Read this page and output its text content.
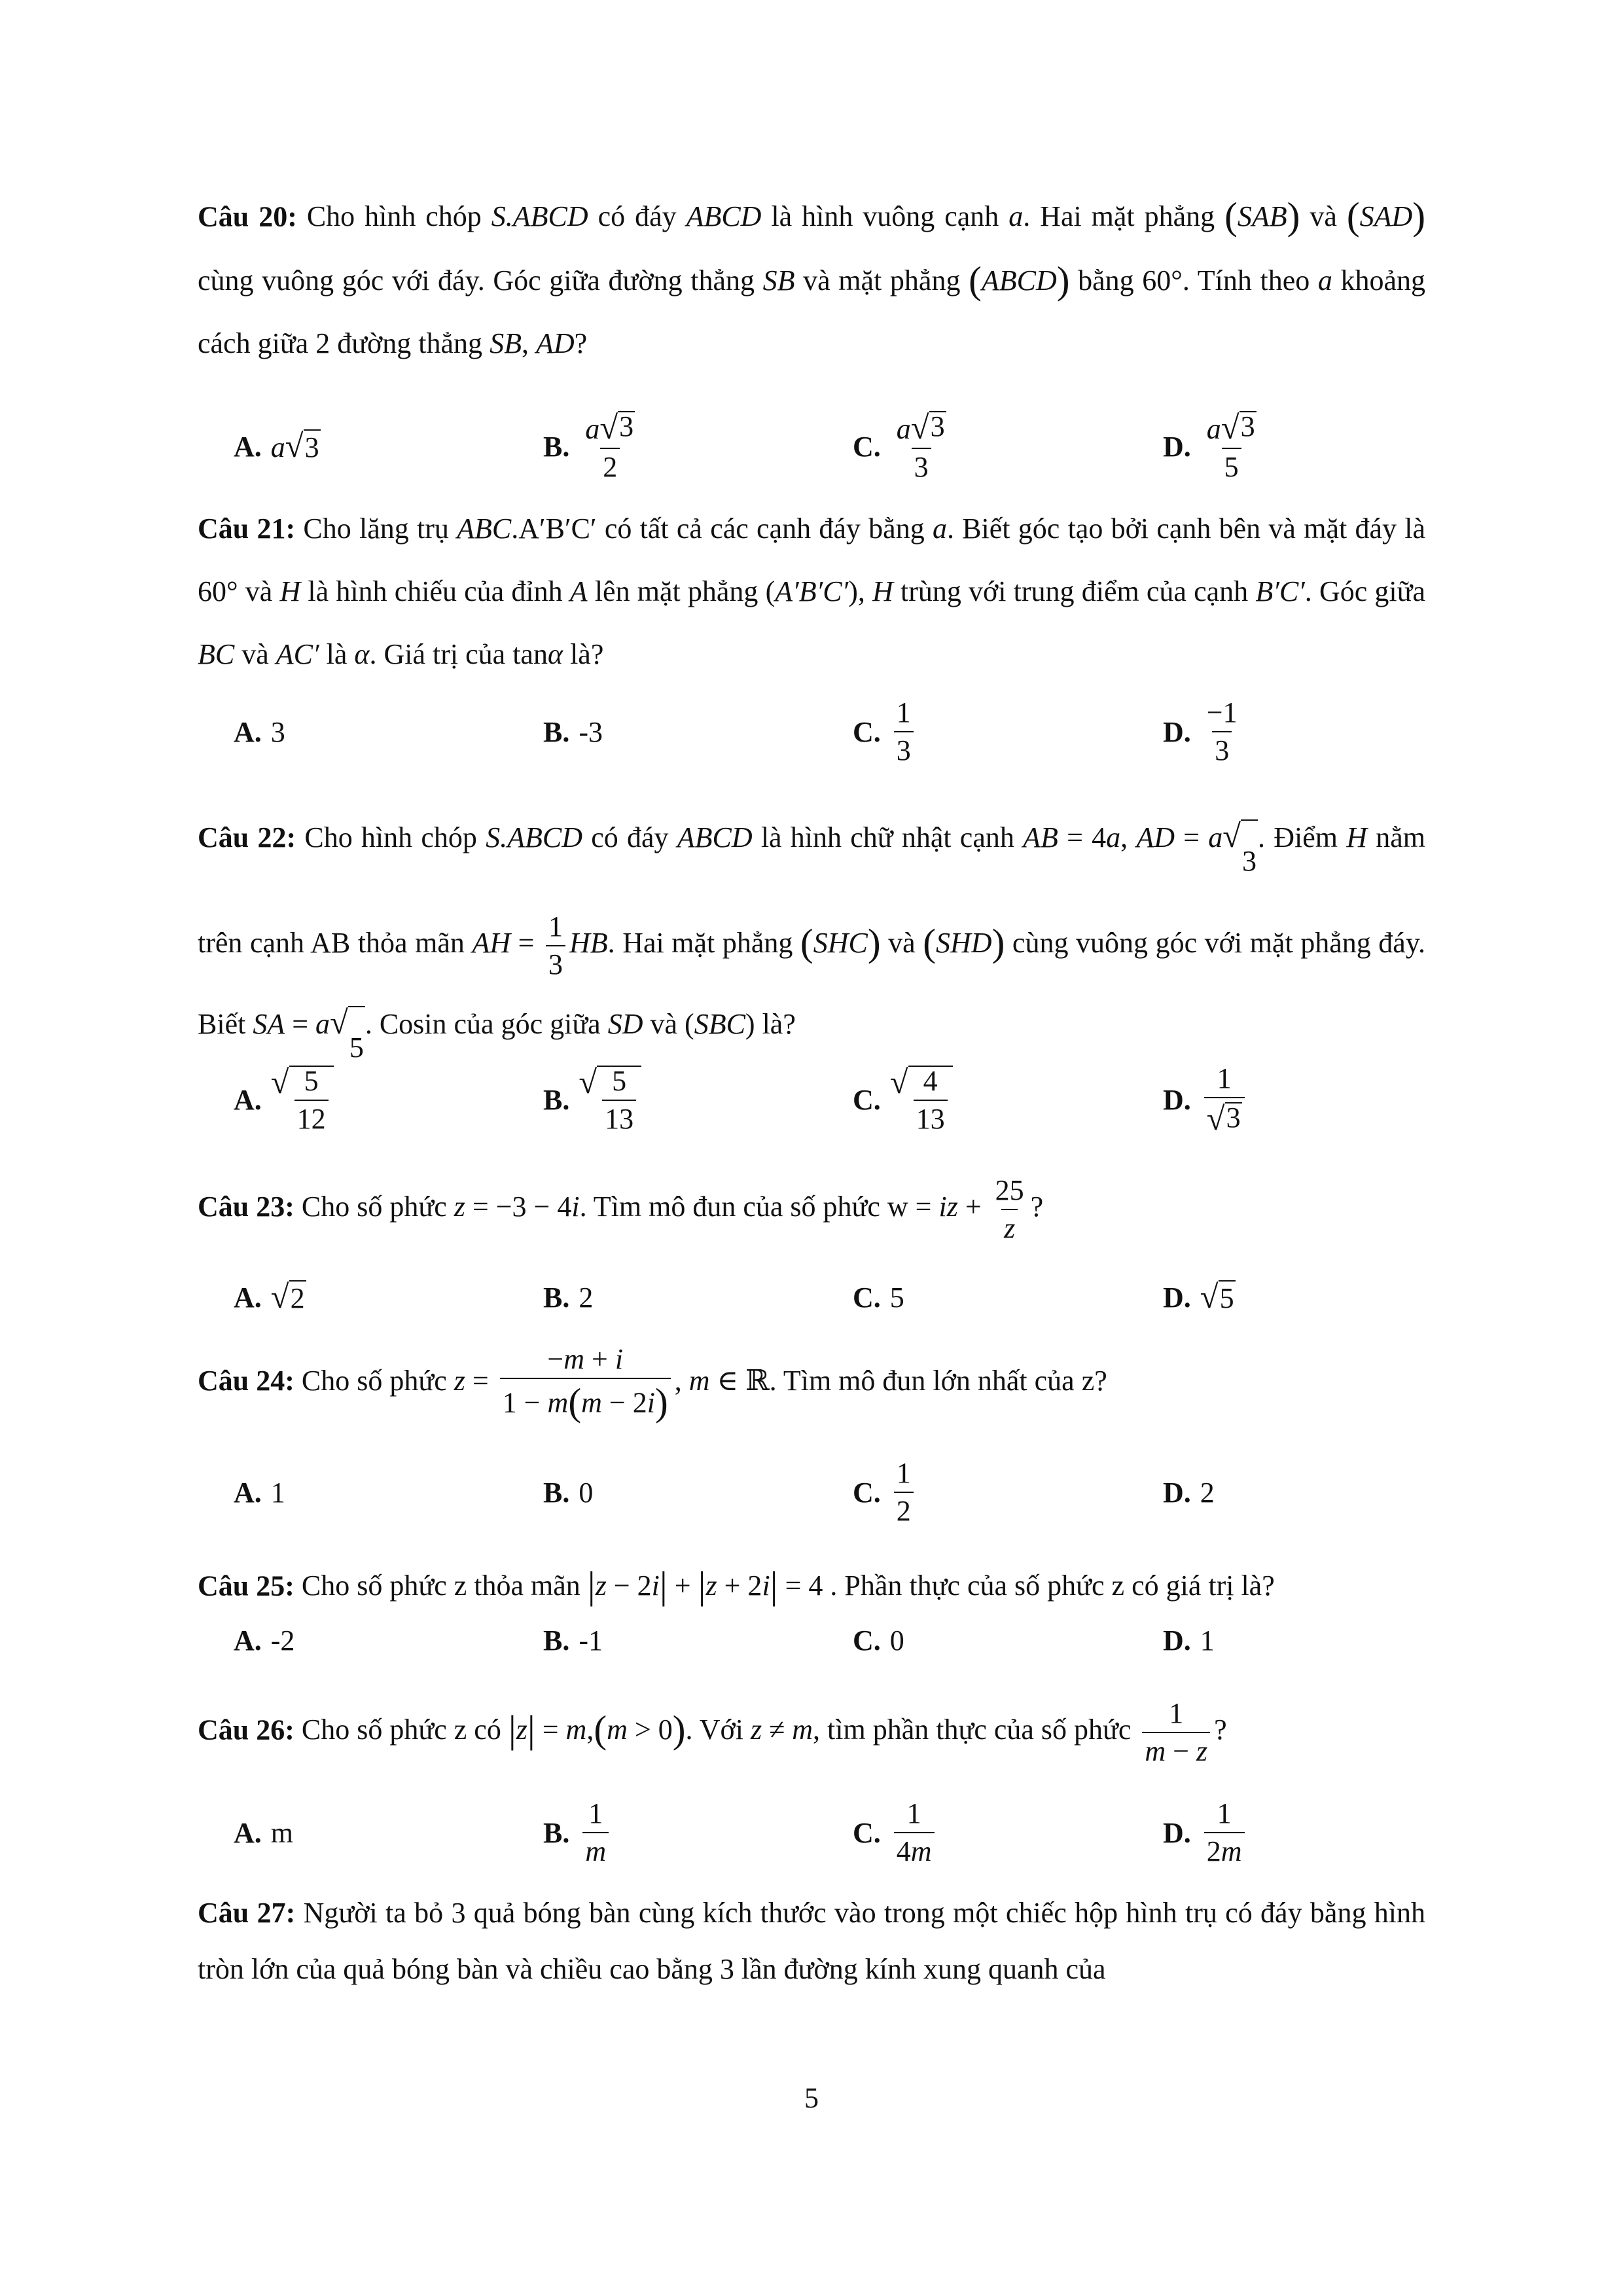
Câu 20: Cho hình chóp S.ABCD có đáy ABCD là hình vuông cạnh a. Hai mặt phẳng (SAB) và (SAD) cùng vuông góc với đáy. Góc giữa đường thẳng SB và mặt phẳng (ABCD) bằng 60°. Tính theo a khoảng cách giữa 2 đường thẳng SB, AD?
A. a √ 3	B. $\frac{a √ 3}{2}$	C. $\frac{a √ 3}{3}$	D. $\frac{a √ 3}{5}$
Câu 21: Cho lăng trụ ABC.A′B′C′ có tất cả các cạnh đáy bằng a. Biết góc tạo bởi cạnh bên và mặt đáy là 60° và H là hình chiếu của đỉnh A lên mặt phẳng (A′B′C′), H trùng với trung điểm của cạnh B′C′. Góc giữa BC và AC′ là α. Giá trị của tanα là?
A. 3	B. -3	C. $\frac{1}{3}$	D. $\frac{-1}{3}$
Câu 22: Cho hình chóp S.ABCD có đáy ABCD là hình chữ nhật cạnh AB = 4a, AD = a √
3
. Điểm H nằm trên cạnh AB thỏa mãn AH = $\frac{1}{3}$ HB. Hai mặt phẳng (SHC) và (SHD) cùng vuông góc với mặt phẳng đáy. Biết SA = a √
5
. Cosin của góc giữa SD và (SBC) là?
A. √ $\frac{5}{12}$	B. √ $\frac{5}{13}$	C. √ $\frac{4}{13}$	D. $\frac{1}{√ 3}$
Câu 23: Cho số phức z = −3 − 4i. Tìm mô đun của số phức w = iz + $\frac{25}{z}$ ?
A. √ 2	B. 2	C. 5	D. √ 5
Câu 24: Cho số phức $z = \frac{-m + i}{1 - m(m - 2i)}$ , m ∈ ℝ. Tìm mô đun lớn nhất của z?
A. 1	B. 0	C. $\frac{1}{2}$	D. 2
Câu 25: Cho số phức z thỏa mãn |z − 2i| + |z + 2i| = 4 . Phần thực của số phức z có giá trị là?
A. -2	B. -1	C. 0	D. 1
Câu 26: Cho số phức z có |z| = m,(m > 0). Với z ≠ m, tìm phần thực của số phức $\frac{1}{m - z}$ ?
A. m	B. $\frac{1}{m}$	C. $\frac{1}{4m}$	D. $\frac{1}{2m}$
Câu 27: Người ta bỏ 3 quả bóng bàn cùng kích thước vào trong một chiếc hộp hình trụ có đáy bằng hình tròn lớn của quả bóng bàn và chiều cao bằng 3 lần đường kính xung quanh của
5
